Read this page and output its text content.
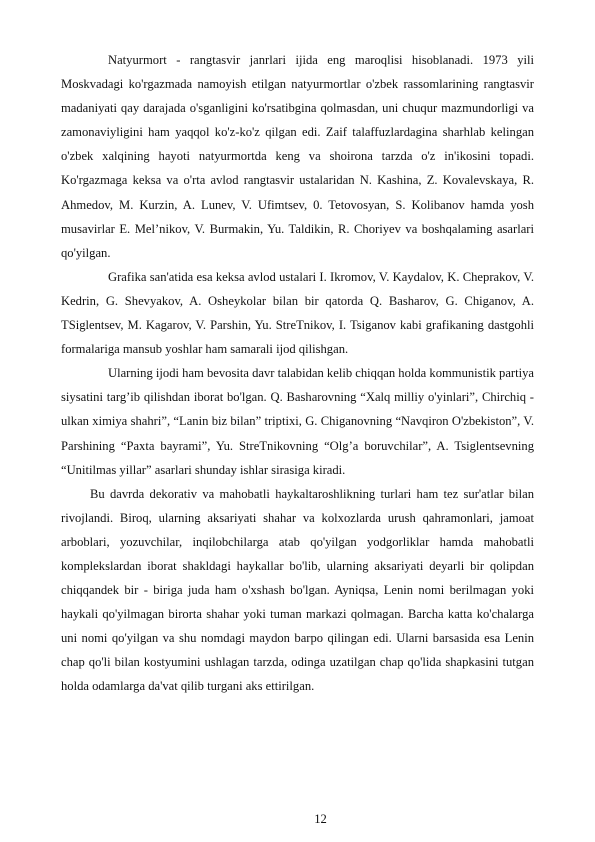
Natyurmort - rangtasvir janrlari ijida eng maroqlisi hisoblanadi. 1973 yili Moskvadagi ko'rgazmada namoyish etilgan natyurmortlar o'zbek rassomlarining rangtasvir madaniyati qay darajada o'sganligini ko'rsatibgina qolmasdan, uni chuqur mazmundorligi va zamonaviyligini ham yaqqol ko'z-ko'z qilgan edi. Zaif talaffuzlardagina sharhlab kelingan o'zbek xalqining hayoti natyurmortda keng va shoirona tarzda o'z in'ikosini topadi. Ko'rgazmaga keksa va o'rta avlod rangtasvir ustalaridan N. Kashina, Z. Kovalevskaya, R. Ahmedov, M. Kurzin, A. Lunev, V. Ufimtsev, 0. Tetovosyan, S. Kolibanov hamda yosh musavirlar E. Mel’nikov, V. Burmakin, Yu. Taldikin, R. Choriyev va boshqalaming asarlari qo'yilgan.

Grafika san'atida esa keksa avlod ustalari I. Ikromov, V. Kaydalov, K. Cheprakov, V. Kedrin, G. Shevyakov, A. Osheykolar bilan bir qatorda Q. Basharov, G. Chiganov, A. TSiglentsev, M. Kagarov, V. Parshin, Yu. StreTnikov, I. Tsiganov kabi grafikaning dastgohli formalariga mansub yoshlar ham samarali ijod qilishgan.

Ularning ijodi ham bevosita davr talabidan kelib chiqqan holda kommunistik partiya siysatini targ’ib qilishdan iborat bo'lgan. Q. Basharovning “Xalq milliy o'yinlari”, Chirchiq - ulkan ximiya shahri”, “Lanin biz bilan” triptixi, G. Chiganovning “Navqiron O'zbekiston”, V. Parshining “Paxta bayrami”, Yu. StreTnikovning “Olg’a boruvchilar”, A. Tsiglentsevning “Unitilmas yillar” asarlari shunday ishlar sirasiga kiradi.

Bu davrda dekorativ va mahobatli haykaltaroshlikning turlari ham tez sur'atlar bilan rivojlandi. Biroq, ularning aksariyati shahar va kolxozlarda urush qahramonlari, jamoat arboblari, yozuvchilar, inqilobchilarga atab qo'yilgan yodgorliklar hamda mahobatli komplekslardan iborat shakldagi haykallar bo'lib, ularning aksariyati deyarli bir qolipdan chiqqandek bir - biriga juda ham o'xshash bo'lgan. Ayniqsa, Lenin nomi berilmagan yoki haykali qo'yilmagan birorta shahar yoki tuman markazi qolmagan. Barcha katta ko'chalarga uni nomi qo'yilgan va shu nomdagi maydon barpo qilingan edi. Ularni barsasida esa Lenin chap qo'li bilan kostyumini ushlagan tarzda, odinga uzatilgan chap qo'lida shapkasini tutgan holda odamlarga da'vat qilib turgani aks ettirilgan.

12
